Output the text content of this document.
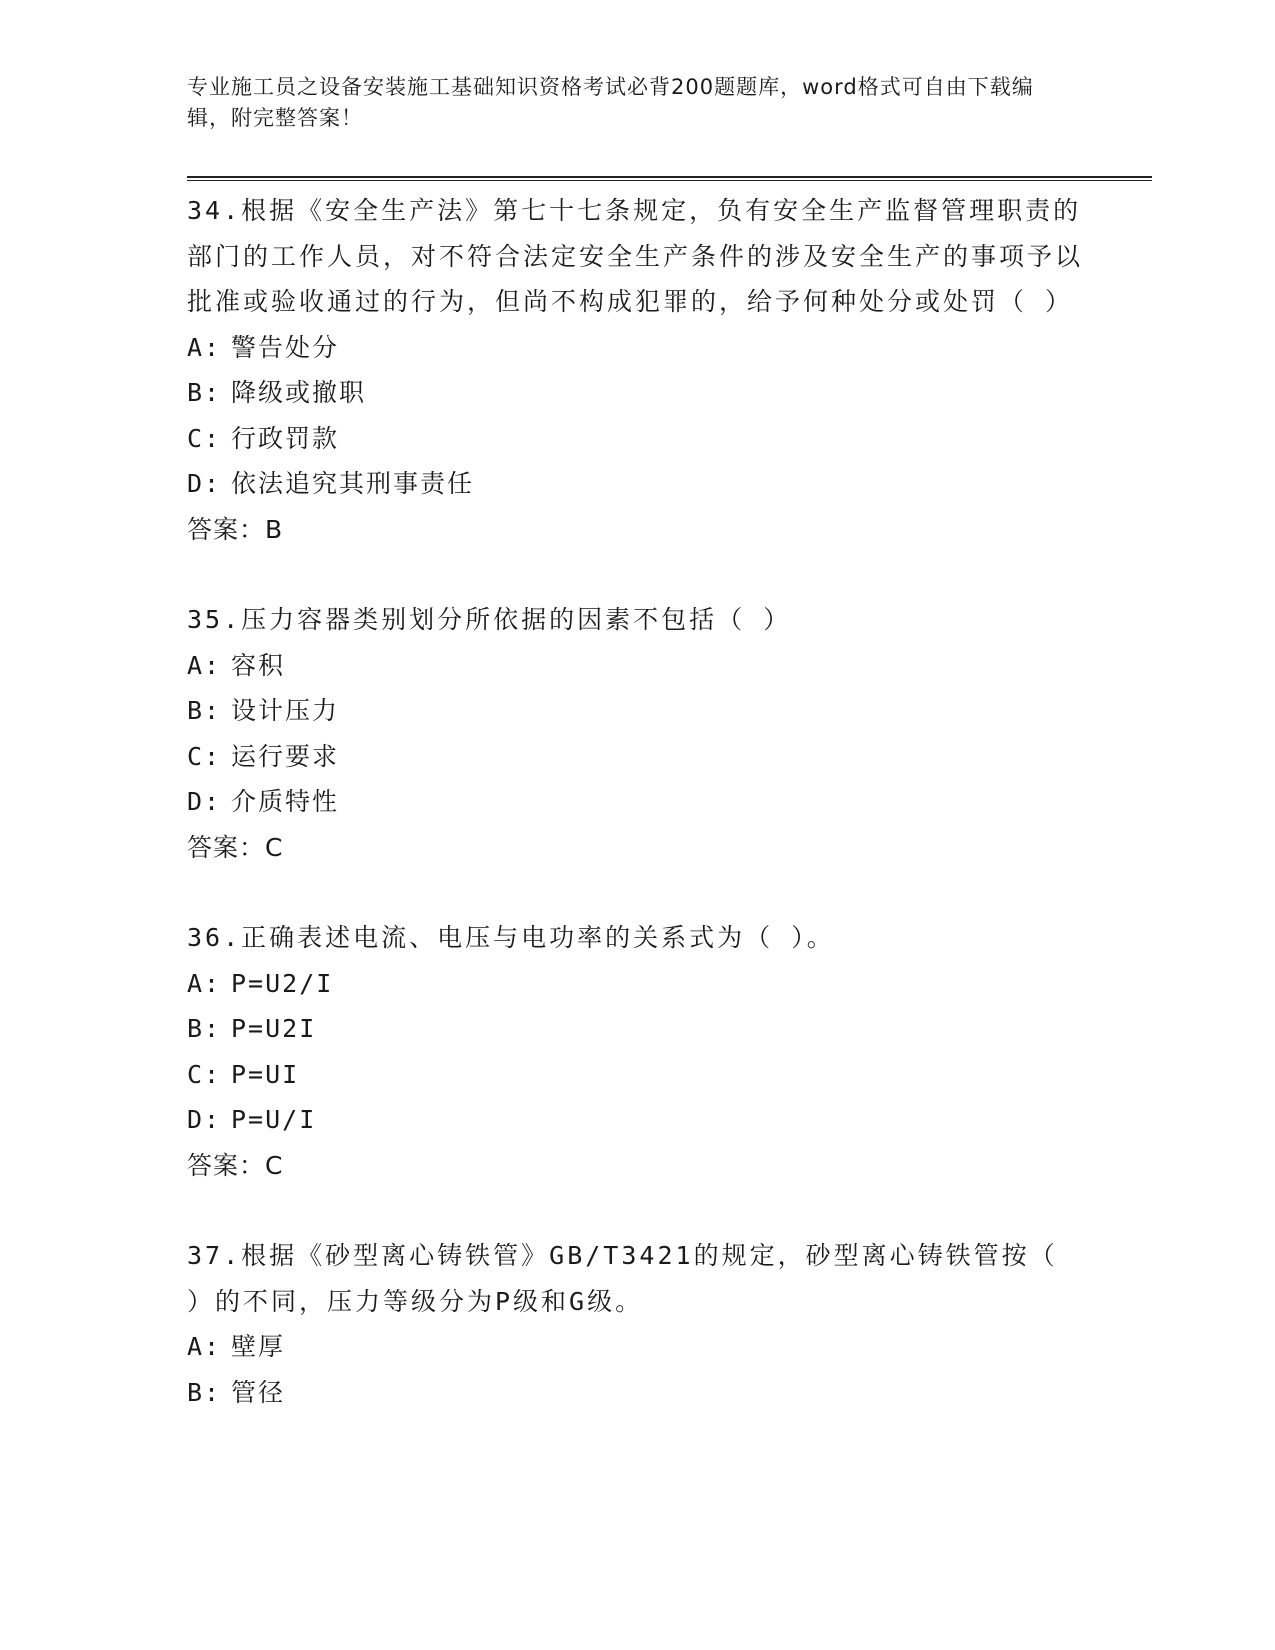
专业施工员之设备安装施工基础知识资格考试必背200题题库，word格式可自由下载编辑，附完整答案！
34.根据《安全生产法》第七十七条规定，负有安全生产监督管理职责的部门的工作人员，对不符合法定安全生产条件的涉及安全生产的事项予以批准或验收通过的行为，但尚不构成犯罪的，给予何种处分或处罚（ ）
A: 警告处分
B: 降级或撤职
C: 行政罚款
D: 依法追究其刑事责任
答案：B
35.压力容器类别划分所依据的因素不包括（ ）
A: 容积
B: 设计压力
C: 运行要求
D: 介质特性
答案：C
36.正确表述电流、电压与电功率的关系式为（ ）。
A: P=U2/I
B: P=U2I
C: P=UI
D: P=U/I
答案：C
37.根据《砂型离心铸铁管》GB/T3421的规定，砂型离心铸铁管按（ ）的不同，压力等级分为P级和G级。
A: 壁厚
B: 管径
